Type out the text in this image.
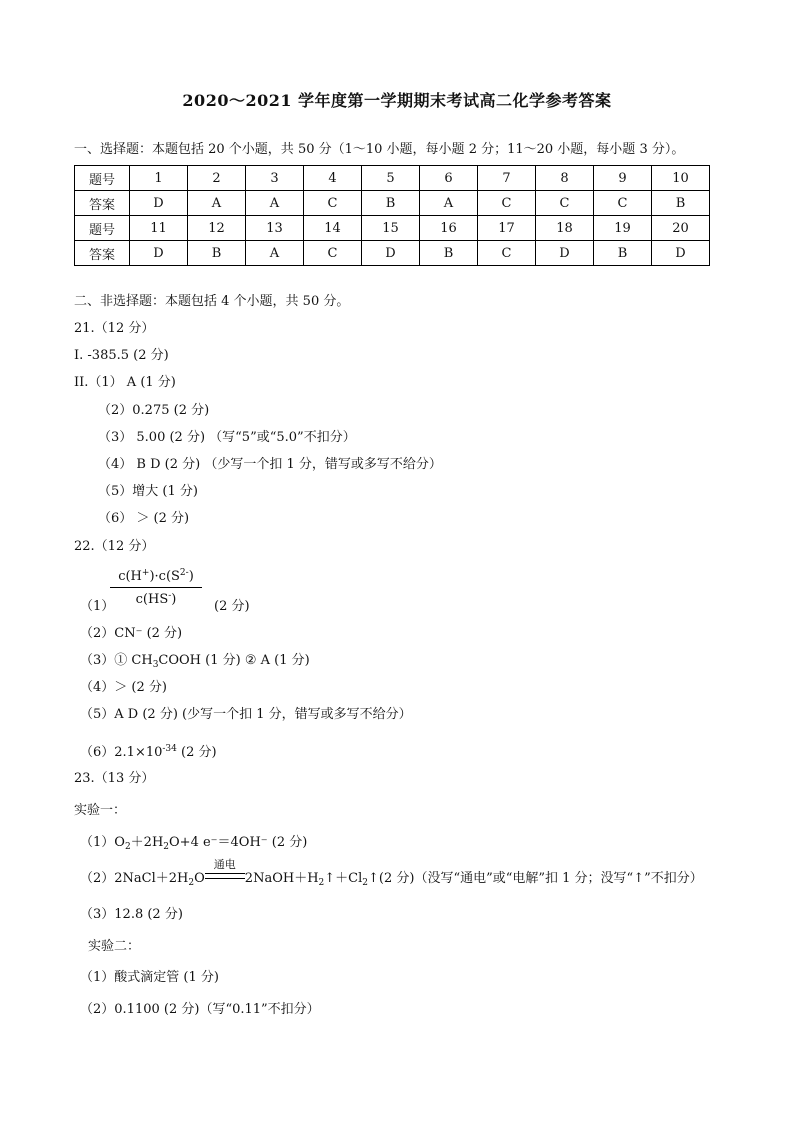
2020～2021 学年度第一学期期末考试高二化学参考答案
一、选择题：本题包括 20 个小题，共 50 分（1～10 小题，每小题 2 分；11～20 小题，每小题 3 分）。
题号	1	2	3	4	5	6	7	8	9	10
答案	D	A	A	C	B	A	C	C	C	B
题号	11	12	13	14	15	16	17	18	19	20
答案	D	B	A	C	D	B	C	D	B	D
二、非选择题：本题包括 4 个小题，共 50 分。
21.（12 分）
I. -385.5 (2 分)
II.（1） A (1 分)
（2）0.275 (2 分)
（3） 5.00 (2 分) （写“5”或“5.0”不扣分）
（4） B D (2 分) （少写一个扣 1 分，错写或多写不给分）
（5）增大 (1 分)
（6） ＞ (2 分)
22.（12 分）
$\frac{c(H^+)\cdot c(S^{2-})}{c(HS^-)}$
（1）	(2 分)
（2）CN⁻ (2 分)
（3）① $CH_3COOH$ (1 分) ② A (1 分)
（4）＞ (2 分)
（5）A D (2 分) (少写一个扣 1 分，错写或多写不给分）
$(6)2.1\times 10^{-34}$ (2 分)
23.（13 分）
实验一：
$(1)O_2+2H_2O+4$ e⁻＝4OH⁻ (2 分)
$(2)2NaCl+2H_2O$
通电
$2NaOH+H_2↑+Cl_2↑(2$ 分)（没写“通电”或“电解”扣 1 分；没写“↑”不扣分）
（3）12.8 (2 分)
实验二：
（1）酸式滴定管 (1 分)
（2）0.1100 (2 分)（写“0.11”不扣分）
